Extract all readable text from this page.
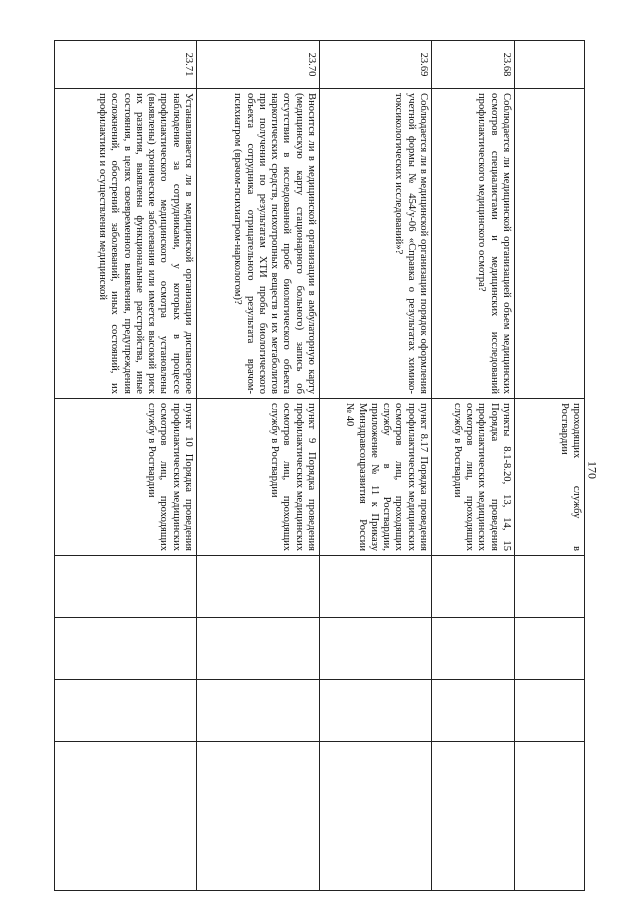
170
		проходящих службу в Росгвардии				
23.68	Соблюдается ли медицинской организацией объем медицинских осмотров специалистами и медицинских исследований профилактического медицинского осмотра?	пункты 8.1-8.20, 13, 14, 15 Порядка проведения профилактических медицинских осмотров лиц, проходящих службу в Росгвардии				
23.69	Соблюдается ли в медицинской организации порядок оформления учетной формы № 454/у-06 «Справка о результатах химико-токсикологических исследований»?	пункт 8.17 Порядка проведения профилактических медицинских осмотров лиц, проходящих службу в Росгвардии, приложение № 11 к Приказу Минздравсоцразвития России № 40				
23.70	Вносится ли в медицинской организации в амбулаторную карту (медицинскую карту стационарного больного) запись об отсутствии в исследованной пробе биологического объекта наркотических средств, психотропных веществ и их метаболитов при получении по результатам ХТИ пробы биологического объекта сотрудника отрицательного результата врачом-психиатром (врачом-психиатром-наркологом)?	пункт 9 Порядка проведения профилактических медицинских осмотров лиц, проходящих службу в Росгвардии				
23.71	Устанавливается ли в медицинской организации диспансерное наблюдение за сотрудниками, у которых в процессе профилактического медицинского осмотра установлены (выявлены) хронические заболевания или имеется высокий риск их развития, выявлены функциональные расстройства, иные состояния, в целях своевременного выявления, предупреждения осложнений, обострений заболеваний, иных состояний, их профилактики и осуществления медицинской	пункт 10 Порядка проведения профилактических медицинских осмотров лиц, проходящих службу в Росгвардии				
